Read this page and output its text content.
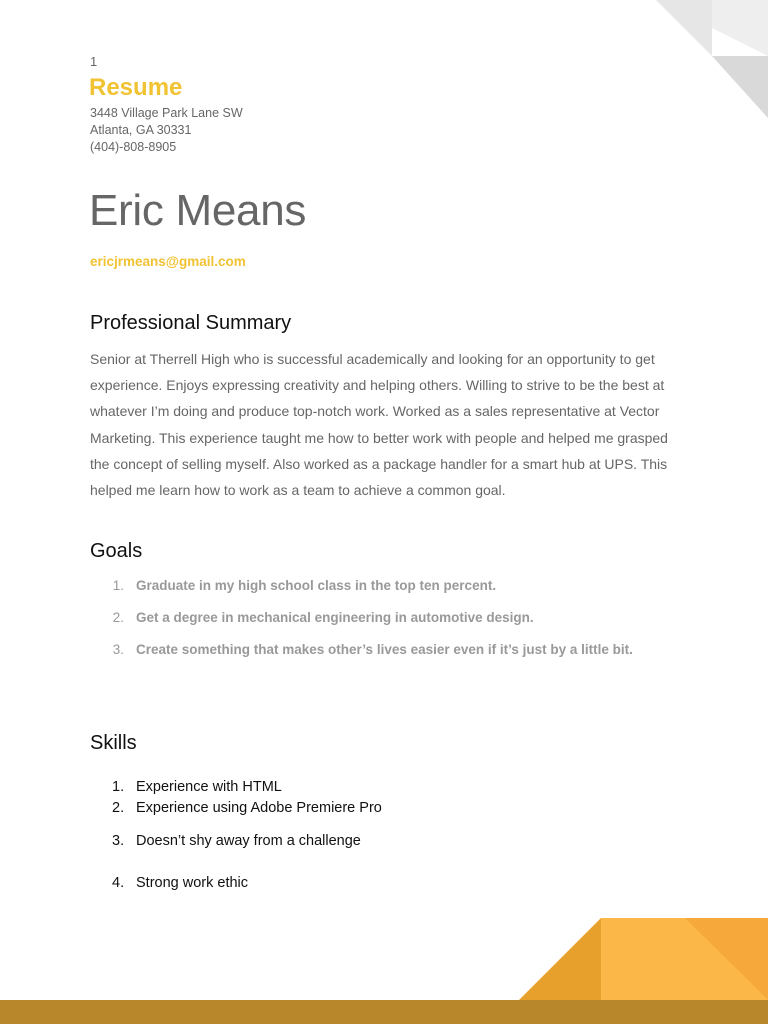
1
Resume
3448 Village Park Lane SW
Atlanta, GA 30331
(404)-808-8905
Eric Means
ericjrmeans@gmail.com
Professional Summary

Senior at Therrell High who is successful academically and looking for an opportunity to get
experience. Enjoys expressing creativity and helping others. Willing to strive to be the best at
whatever I’m doing and produce top-notch work. Worked as a sales representative at Vector
Marketing. This experience taught me how to better work with people and helped me grasped
the concept of selling myself. Also worked as a package handler for a smart hub at UPS. This
helped me learn how to work as a team to achieve a common goal.

Goals
1. Graduate in my high school class in the top ten percent.
2. Get a degree in mechanical engineering in automotive design.
3. Create something that makes other’s lives easier even if it’s just by a little bit.
Skills
1. Experience with HTML
2. Experience using Adobe Premiere Pro
3. Doesn’t shy away from a challenge
4. Strong work ethic
